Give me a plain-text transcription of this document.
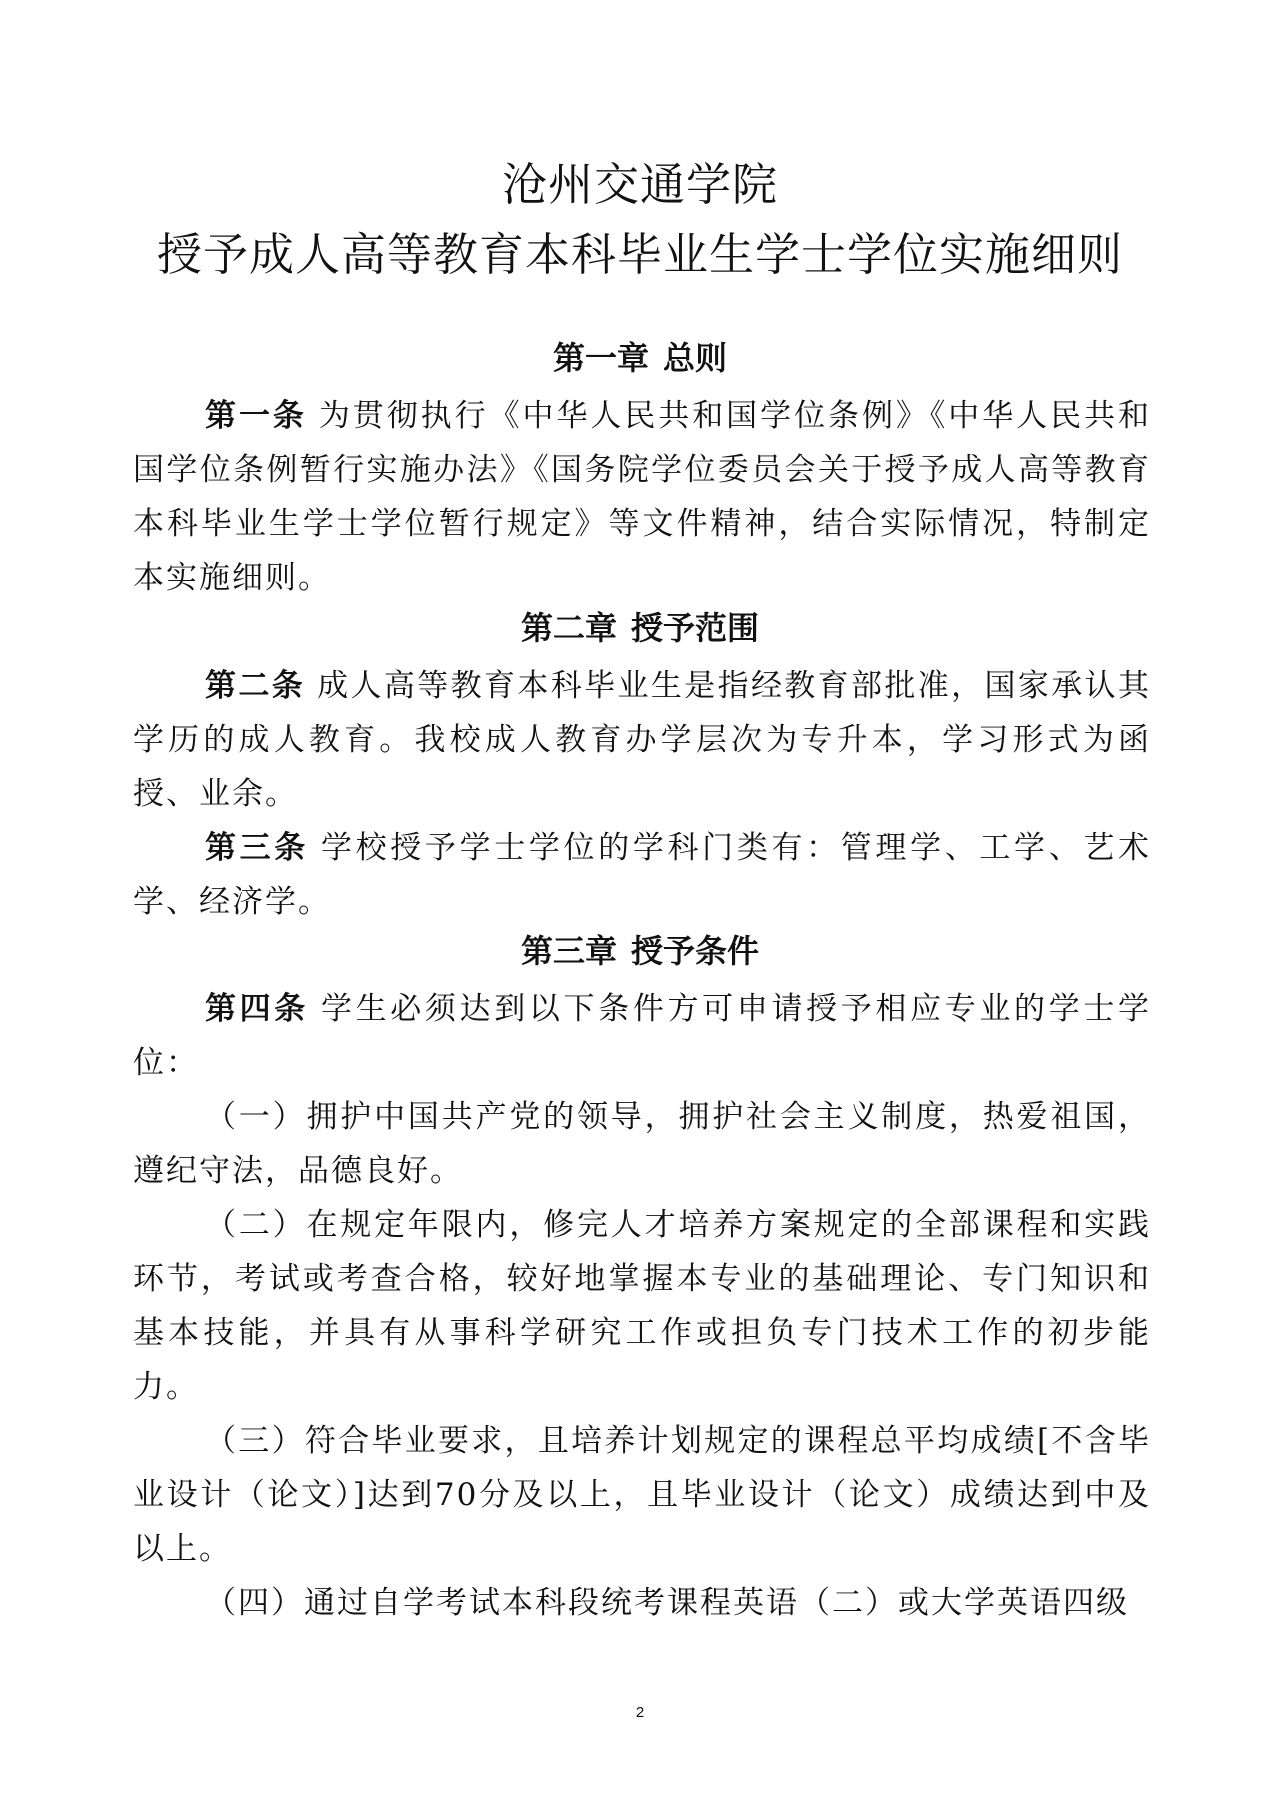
沧州交通学院
授予成人高等教育本科毕业生学士学位实施细则
第一章 总则

第一条 为贯彻执行《中华人民共和国学位条例》《中华人民共和国学位条例暂行实施办法》《国务院学位委员会关于授予成人高等教育本科毕业生学士学位暂行规定》等文件精神，结合实际情况，特制定本实施细则。

第二章 授予范围

第二条 成人高等教育本科毕业生是指经教育部批准，国家承认其学历的成人教育。我校成人教育办学层次为专升本，学习形式为函授、业余。

第三条 学校授予学士学位的学科门类有：管理学、工学、艺术学、经济学。

第三章 授予条件

第四条 学生必须达到以下条件方可申请授予相应专业的学士学位：

（一）拥护中国共产党的领导，拥护社会主义制度，热爱祖国，遵纪守法，品德良好。

（二）在规定年限内，修完人才培养方案规定的全部课程和实践环节，考试或考查合格，较好地掌握本专业的基础理论、专门知识和基本技能，并具有从事科学研究工作或担负专门技术工作的初步能力。

（三）符合毕业要求，且培养计划规定的课程总平均成绩[不含毕业设计（论文）]达到70分及以上，且毕业设计（论文）成绩达到中及以上。

（四）通过自学考试本科段统考课程英语（二）或大学英语四级

2
